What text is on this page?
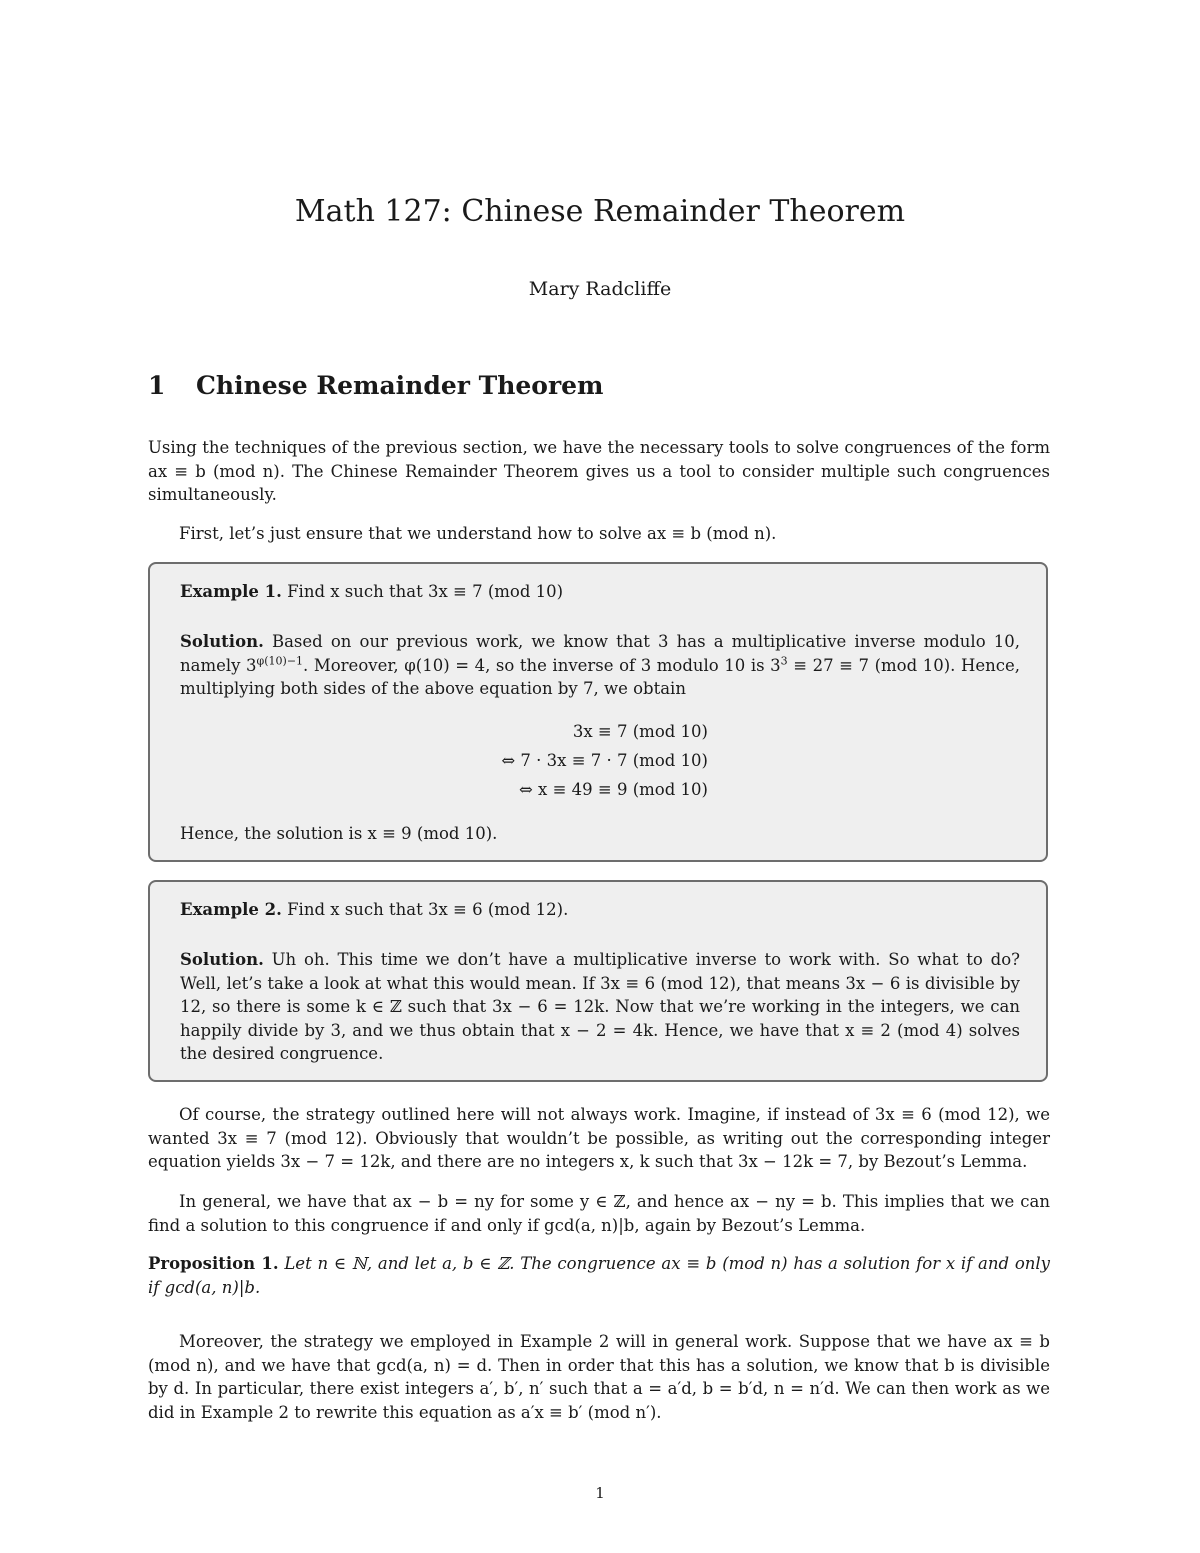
Math 127: Chinese Remainder Theorem
Mary Radcliffe
1 Chinese Remainder Theorem
Using the techniques of the previous section, we have the necessary tools to solve congruences of the form ax ≡ b (mod n). The Chinese Remainder Theorem gives us a tool to consider multiple such congruences simultaneously.
First, let’s just ensure that we understand how to solve ax ≡ b (mod n).
Example 1. Find x such that 3x ≡ 7 (mod 10)
Solution. Based on our previous work, we know that 3 has a multiplicative inverse modulo 10, namely $3^{\varphi(10)-1}$. Moreover, φ(10) = 4, so the inverse of 3 modulo 10 is $3^3 \equiv 27 \equiv 7$ (mod 10). Hence, multiplying both sides of the above equation by 7, we obtain
3x ≡ 7 (mod 10)
⇔ 7 · 3x ≡ 7 · 7 (mod 10)
⇔ x ≡ 49 ≡ 9 (mod 10)
Hence, the solution is x ≡ 9 (mod 10).
Example 2. Find x such that 3x ≡ 6 (mod 12).
Solution. Uh oh. This time we don’t have a multiplicative inverse to work with. So what to do? Well, let’s take a look at what this would mean. If 3x ≡ 6 (mod 12), that means 3x − 6 is divisible by 12, so there is some k ∈ ℤ such that 3x − 6 = 12k. Now that we’re working in the integers, we can happily divide by 3, and we thus obtain that x − 2 = 4k. Hence, we have that x ≡ 2 (mod 4) solves the desired congruence.
Of course, the strategy outlined here will not always work. Imagine, if instead of 3x ≡ 6 (mod 12), we wanted 3x ≡ 7 (mod 12). Obviously that wouldn’t be possible, as writing out the corresponding integer equation yields 3x − 7 = 12k, and there are no integers x, k such that 3x − 12k = 7, by Bezout’s Lemma.
In general, we have that ax − b = ny for some y ∈ ℤ, and hence ax − ny = b. This implies that we can find a solution to this congruence if and only if gcd(a, n)|b, again by Bezout’s Lemma.
Proposition 1. Let n ∈ ℕ, and let a, b ∈ ℤ. The congruence ax ≡ b (mod n) has a solution for x if and only if gcd(a, n)|b.
Moreover, the strategy we employed in Example 2 will in general work. Suppose that we have ax ≡ b (mod n), and we have that gcd(a, n) = d. Then in order that this has a solution, we know that b is divisible by d. In particular, there exist integers a′, b′, n′ such that a = a′d, b = b′d, n = n′d. We can then work as we did in Example 2 to rewrite this equation as a′x ≡ b′ (mod n′).
1
